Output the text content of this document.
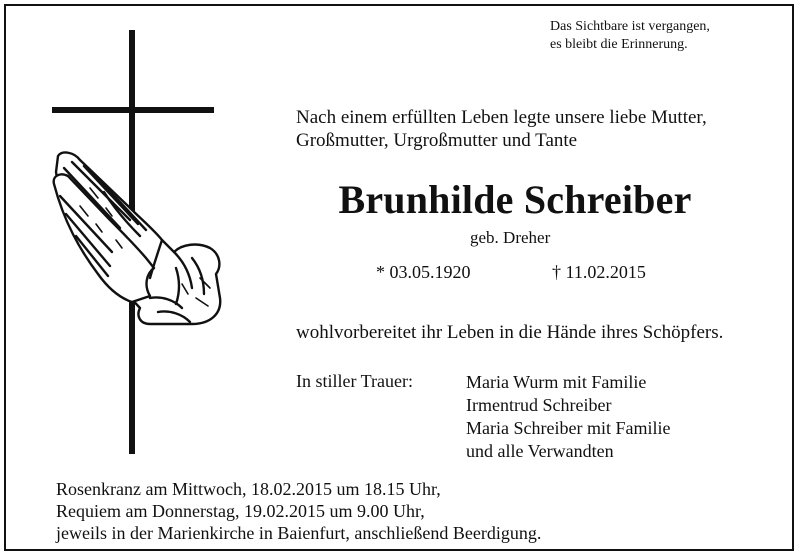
Das Sichtbare ist vergangen,
es bleibt die Erinnerung.
Nach einem erfüllten Leben legte unsere liebe Mutter,
Großmutter, Urgroßmutter und Tante
Brunhilde Schreiber
geb. Dreher
* 03.05.1920	† 11.02.2015
wohlvorbereitet ihr Leben in die Hände ihres Schöpfers.
In stiller Trauer:	Maria Wurm mit Familie
Irmentrud Schreiber
Maria Schreiber mit Familie
und alle Verwandten
Rosenkranz am Mittwoch, 18.02.2015 um 18.15 Uhr,
Requiem am Donnerstag, 19.02.2015 um 9.00 Uhr,
jeweils in der Marienkirche in Baienfurt, anschließend Beerdigung.
